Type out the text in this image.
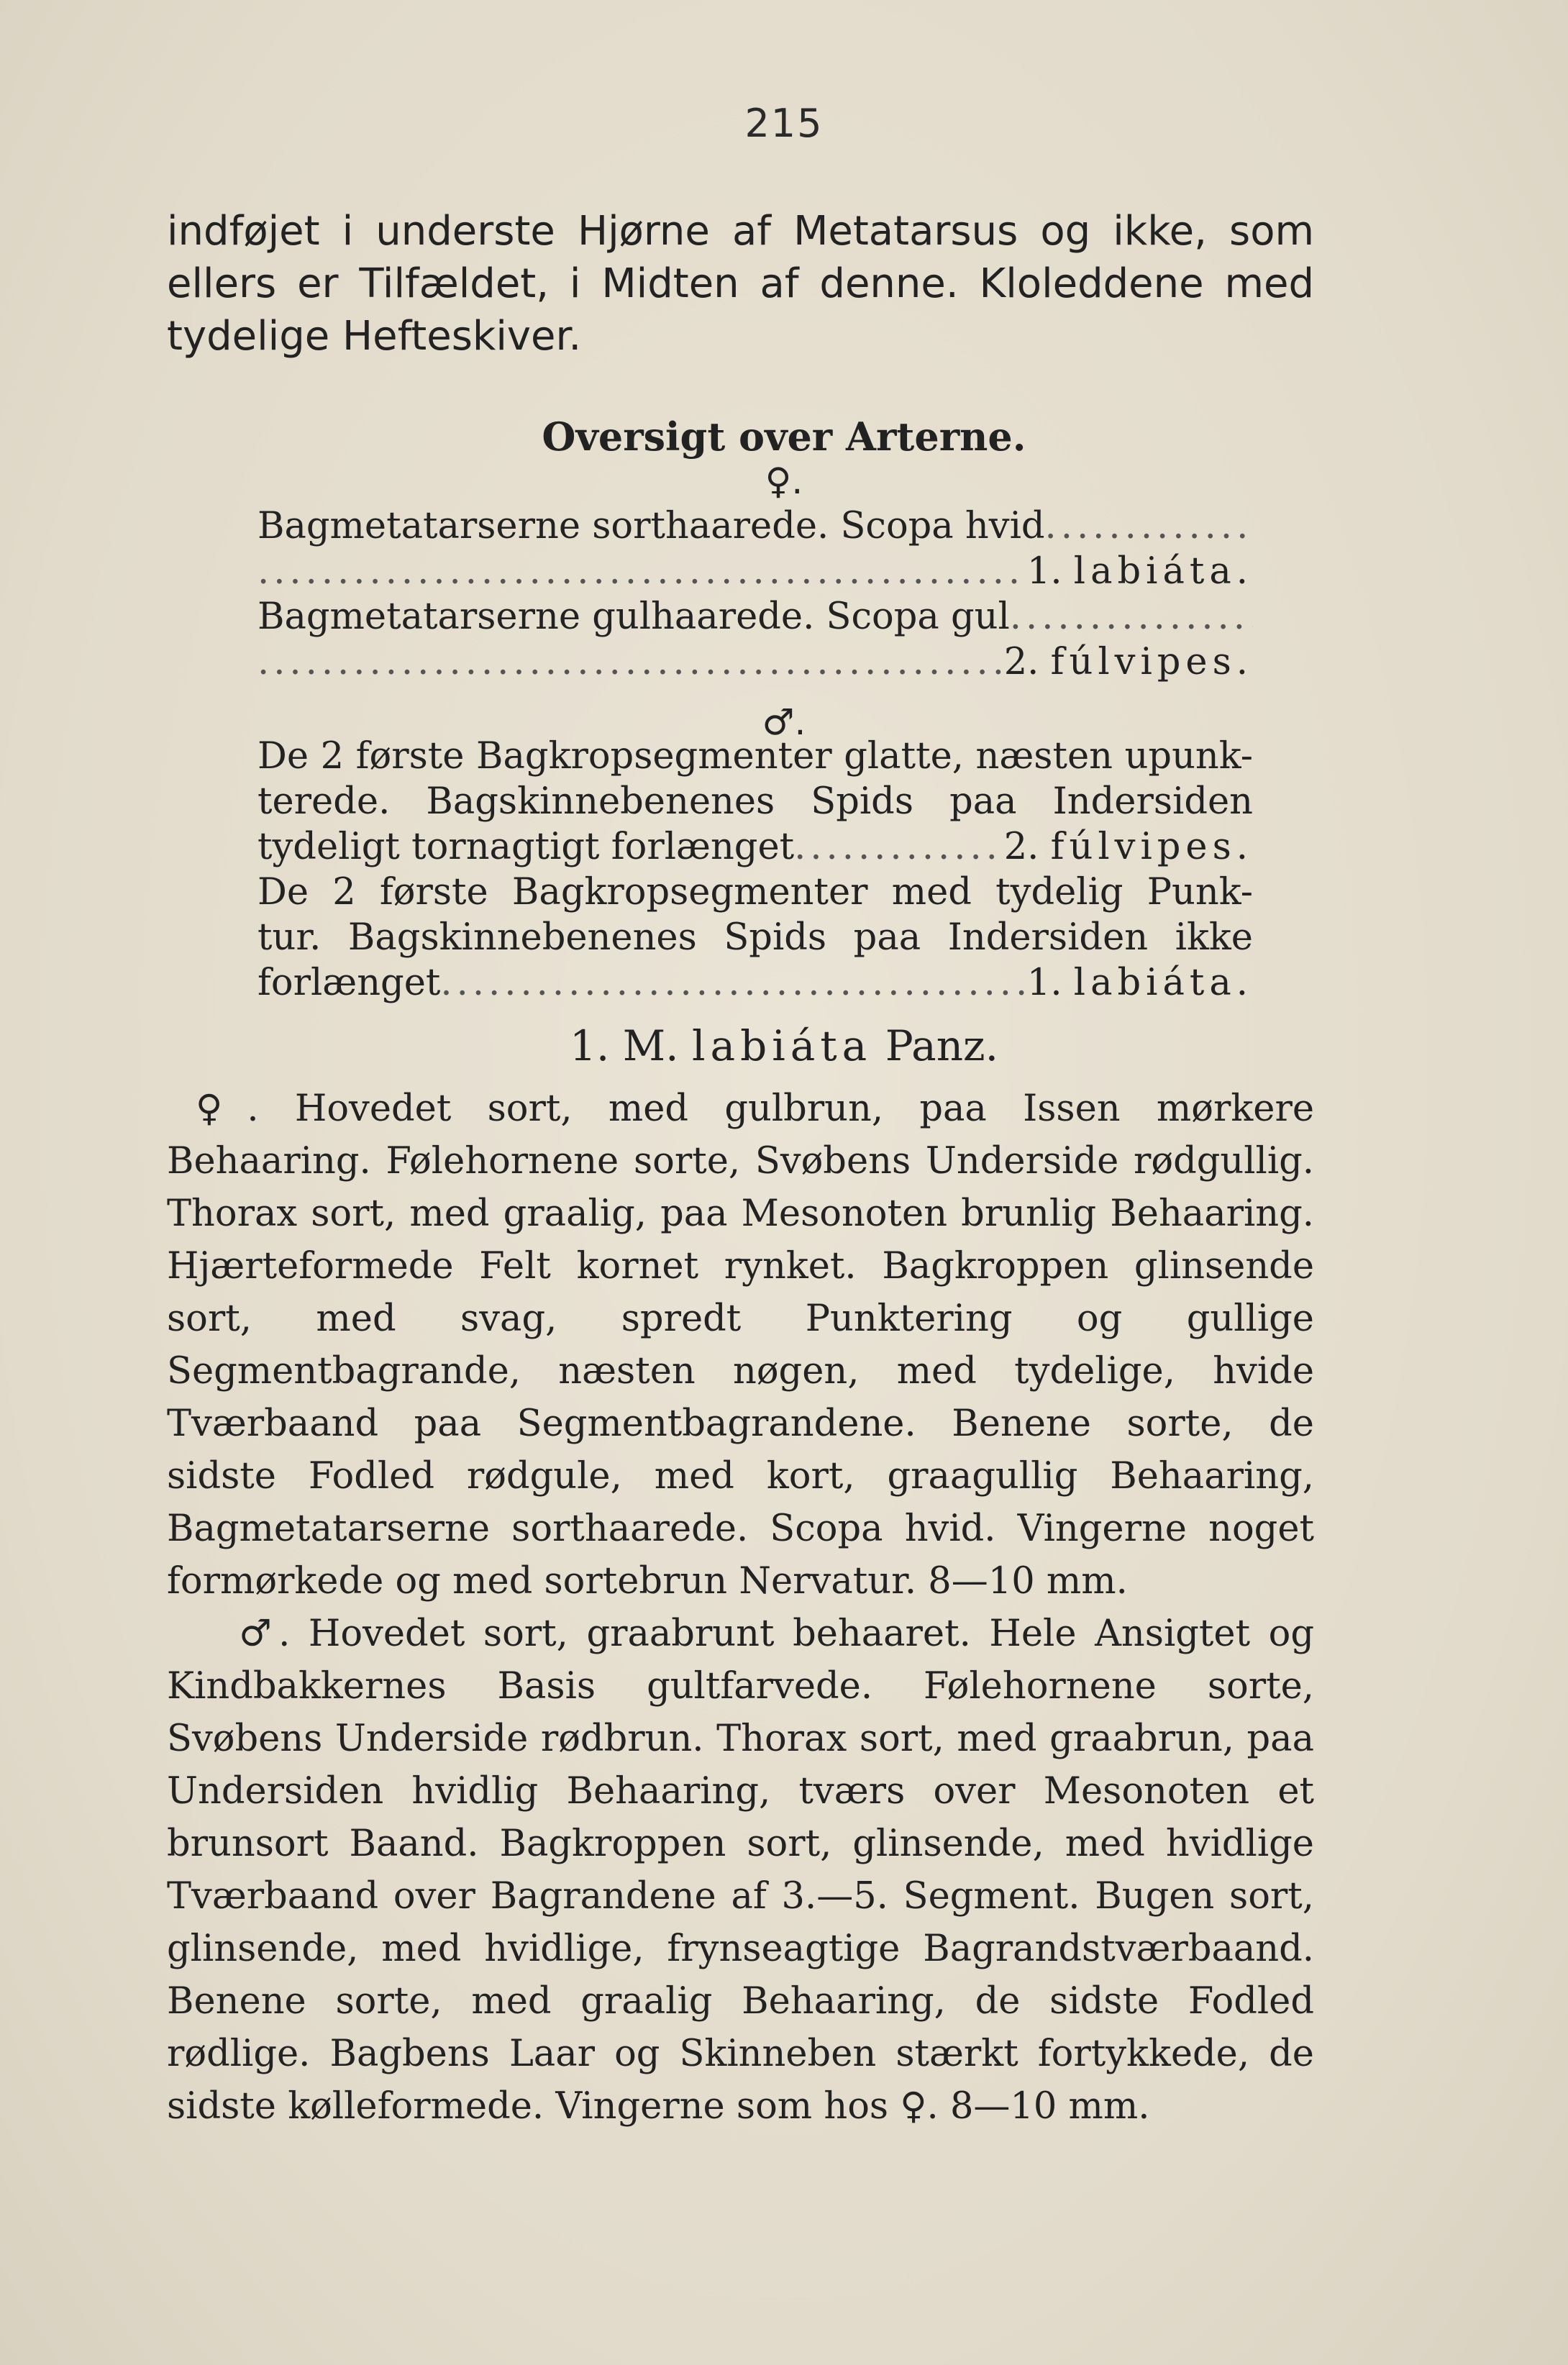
215

indføjet i underste Hjørne af Metatarsus og ikke, som ellers er Tilfældet, i Midten af denne. Kloleddene med tydelige Hefteskiver.

Oversigt over Arterne.
♀.
Bagmetatarserne sorthaarede. Scopa hvid
.....
.....
1.
labiáta.
Bagmetatarserne gulhaarede. Scopa gul
.....
.....
2.
fúlvipes.
♂.
De 2 første Bagkropsegmenter glatte, næsten upunk-
terede. Bagskinnebenenes Spids paa Indersiden
tydeligt tornagtigt forlænget .....	2.
fúlvipes.
De 2 første Bagkropsegmenter med tydelig Punk-
tur. Bagskinnebenenes Spids paa Indersiden ikke
forlænget .....	1.
labiáta.
1. M. labiáta Panz.

♀. Hovedet sort, med gulbrun, paa Issen mørkere Behaaring. Følehornene sorte, Svøbens Underside rødgullig. Thorax sort, med graalig, paa Mesonoten brunlig Behaaring. Hjærteformede Felt kornet rynket. Bagkroppen glinsende sort, med svag, spredt Punktering og gullige Segmentbagrande, næsten nøgen, med tydelige, hvide Tværbaand paa Segmentbagrandene. Benene sorte, de sidste Fodled rødgule, med kort, graagullig Behaaring, Bagmetatarserne sorthaarede. Scopa hvid. Vingerne noget formørkede og med sortebrun Nervatur. 8—10 mm.

♂. Hovedet sort, graabrunt behaaret. Hele Ansigtet og Kindbakkernes Basis gultfarvede. Følehornene sorte, Svøbens Underside rødbrun. Thorax sort, med graabrun, paa Undersiden hvidlig Behaaring, tværs over Mesonoten et brunsort Baand. Bagkroppen sort, glinsende, med hvidlige Tværbaand over Bagrandene af 3.—5. Segment. Bugen sort, glinsende, med hvidlige, frynseagtige Bagrandstværbaand. Benene sorte, med graalig Behaaring, de sidste Fodled rødlige. Bagbens Laar og Skinneben stærkt fortykkede, de sidste kølleformede. Vingerne som hos ♀. 8—10 mm.
